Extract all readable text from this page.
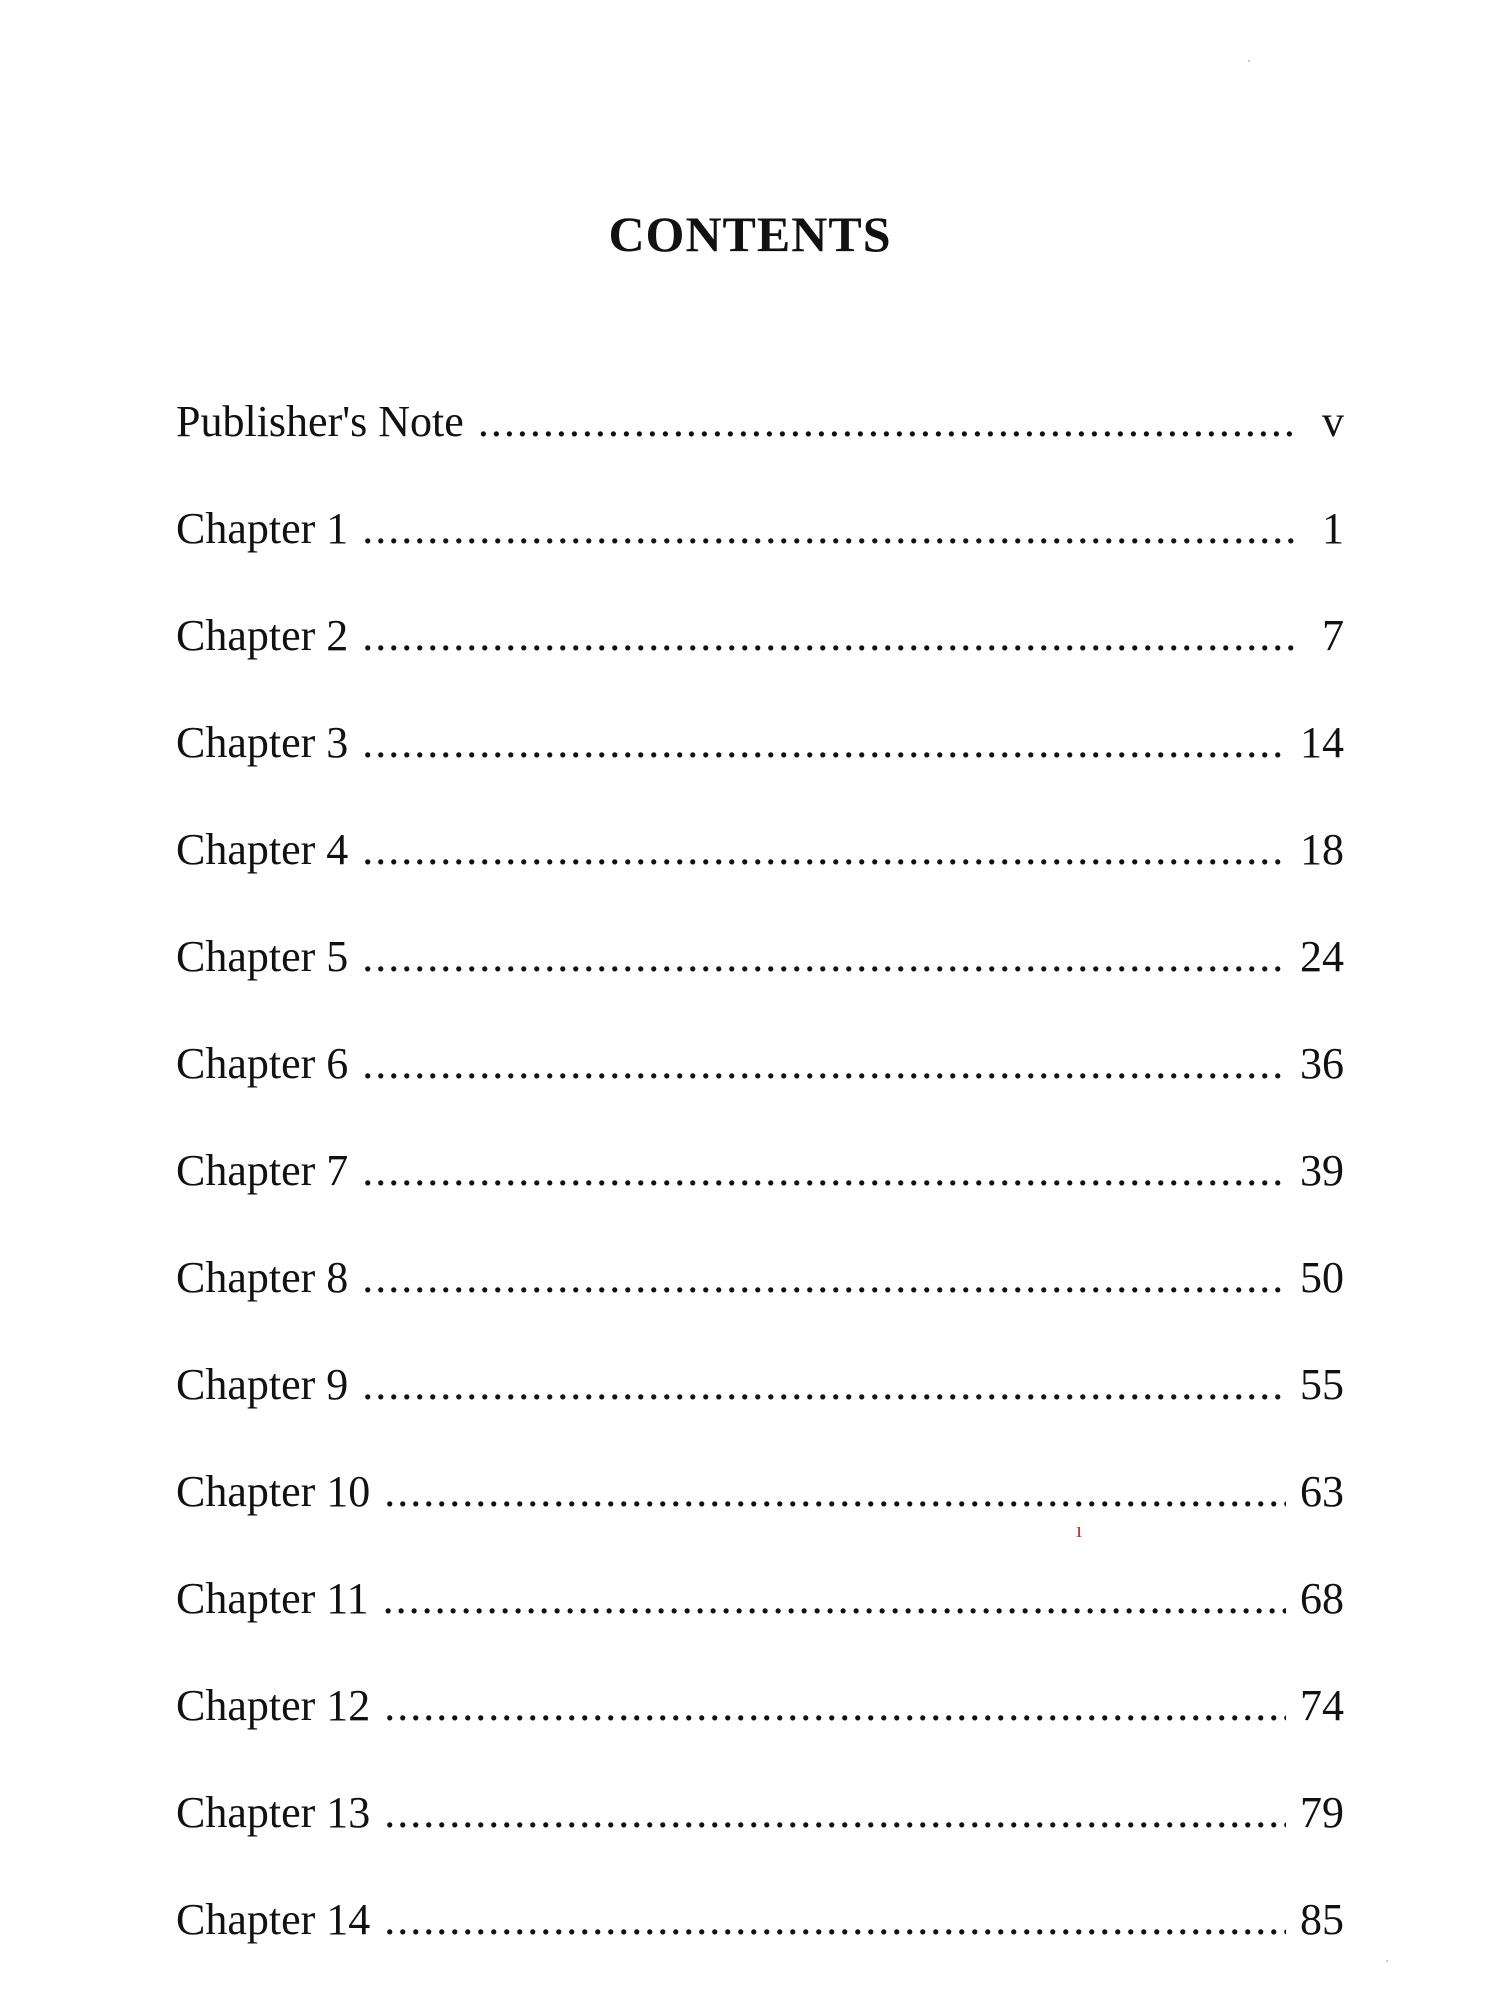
CONTENTS
Publisher's Note .....	v
Chapter 1 .....	1
Chapter 2 .....	7
Chapter 3 .....	14
Chapter 4 .....	18
Chapter 5 .....	24
Chapter 6 .....	36
Chapter 7 .....	39
Chapter 8 .....	50
Chapter 9 .....	55
Chapter 10 .....	63
Chapter 11 .....	68
Chapter 12 .....	74
Chapter 13 .....	79
Chapter 14 .....	85
ı
